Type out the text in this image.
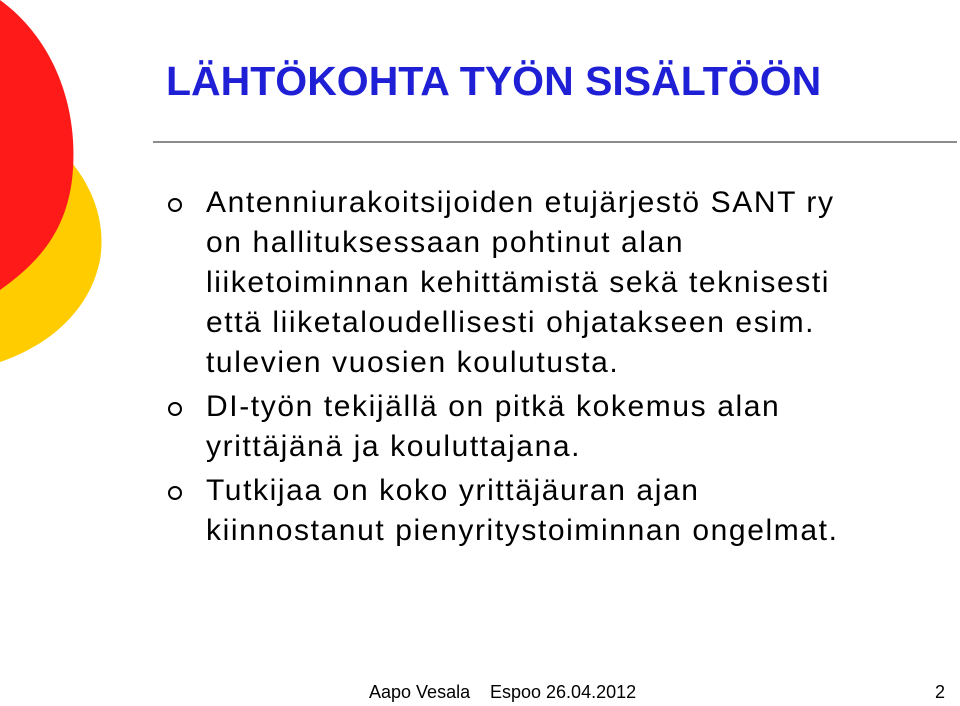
LÄHTÖKOHTA TYÖN SISÄLTÖÖN
Antenniurakoitsijoiden etujärjestö SANT ry
on hallituksessaan pohtinut alan
liiketoiminnan kehittämistä sekä teknisesti
että liiketaloudellisesti ohjatakseen esim.
tulevien vuosien koulutusta.
DI-työn tekijällä on pitkä kokemus alan
yrittäjänä ja kouluttajana.
Tutkijaa on koko yrittäjäuran ajan
kiinnostanut pienyritystoiminnan ongelmat.
Aapo Vesala Espoo 26.04.2012	2
